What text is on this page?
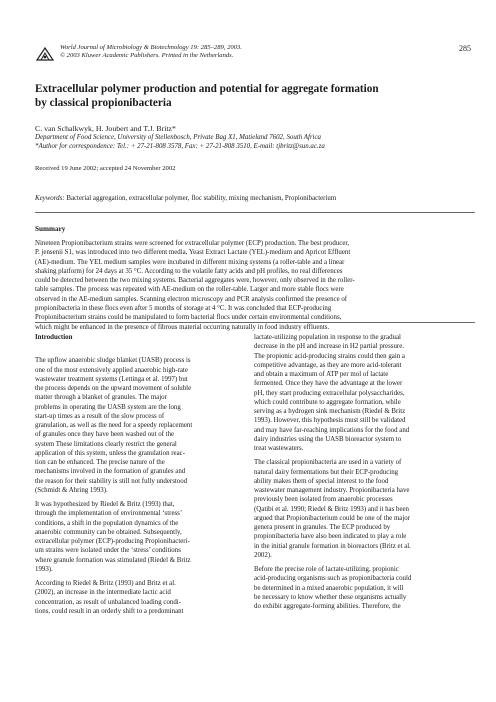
World Journal of Microbiology & Biotechnology 19: 285–289, 2003.
© 2003 Kluwer Academic Publishers. Printed in the Netherlands.
285
Extracellular polymer production and potential for aggregate formation
by classical propionibacteria
C. van Schalkwyk, H. Joubert and T.J. Britz*
Department of Food Science, University of Stellenbosch, Private Bag X1, Matieland 7602, South Africa
*Author for correspondence: Tel.: + 27-21-808 3578, Fax: + 27-21-808 3510, E-mail: tjbritz@sun.ac.za
Received 19 June 2002; accepted 24 November 2002
Keywords: Bacterial aggregation, extracellular polymer, floc stability, mixing mechanism, Propionibacterium
Summary
Nineteen Propionibacterium strains were screened for extracellular polymer (ECP) production. The best producer,
P. jensenii S1, was introduced into two different media, Yeast Extract Lactate (YEL)-medium and Apricot Effluent
(AE)-medium. The YEL medium samples were incubated in different mixing systems (a roller-table and a linear
shaking platform) for 24 days at 35 °C. According to the volatile fatty acids and pH profiles, no real differences
could be detected between the two mixing systems. Bacterial aggregates were, however, only observed in the roller-
table samples. The process was repeated with AE-medium on the roller-table. Larger and more stable flocs were
observed in the AE-medium samples. Scanning electron microscopy and PCR analysis confirmed the presence of
propionibacteria in these flocs even after 5 months of storage at 4 °C. It was concluded that ECP-producing
Propionibacterium strains could be manipulated to form bacterial flocs under certain environmental conditions,
which might be enhanced in the presence of fibrous material occurring naturally in food industry effluents.
Introduction
The upflow anaerobic sludge blanket (UASB) process is
one of the most extensively applied anaerobic high-rate
wastewater treatment systems (Lettinga et al. 1997) but
the process depends on the upward movement of soluble
matter through a blanket of granules. The major
problems in operating the UASB system are the long
start-up times as a result of the slow process of
granulation, as well as the need for a speedy replacement
of granules once they have been washed out of the
system These limitations clearly restrict the general
application of this system, unless the granulation reac-
tion can be enhanced. The precise nature of the
mechanisms involved in the formation of granules and
the reason for their stability is still not fully understood
(Schmidt & Ahring 1993).
It was hypothesized by Riedel & Britz (1993) that,
through the implementation of environmental ‘stress’
conditions, a shift in the population dynamics of the
anaerobic community can be obtained. Subsequently,
extracellular polymer (ECP)-producing Propionibacteri-
um strains were isolated under the ‘stress’ conditions
where granule formation was stimulated (Riedel & Britz
1993).
According to Riedel & Britz (1993) and Britz et al.
(2002), an increase in the intermediate lactic acid
concentration, as result of unbalanced loading condi-
tions, could result in an orderly shift to a predominant
lactate-utilizing population in response to the gradual
decrease in the pH and increase in H2 partial pressure.
The propionic acid-producing strains could then gain a
competitive advantage, as they are more acid-tolerant
and obtain a maximum of ATP per mol of lactate
fermented. Once they have the advantage at the lower
pH, they start producing extracellular polysaccharides,
which could contribute to aggregate formation, while
serving as a hydrogen sink mechanism (Riedel & Britz
1993). However, this hypothesis must still be validated
and may have far-reaching implications for the food and
dairy industries using the UASB bioreactor system to
treat wastewaters.
The classical propionibacteria are used in a variety of
natural dairy fermentations but their ECP-producing
ability makes them of special interest to the food
wastewater management industry. Propionibacteria have
previously been isolated from anaerobic processes
(Qatibi et al. 1990; Riedel & Britz 1993) and it has been
argued that Propionibacterium could be one of the major
genera present in granules. The ECP produced by
propionibacteria have also been indicated to play a role
in the initial granule formation in bioreactors (Britz et al.
2002).
Before the precise role of lactate-utilizing, propionic
acid-producing organisms such as propionibacteria could
be determined in a mixed anaerobic population, it will
be necessary to know whether these organisms actually
do exhibit aggregate-forming abilities. Therefore, the
